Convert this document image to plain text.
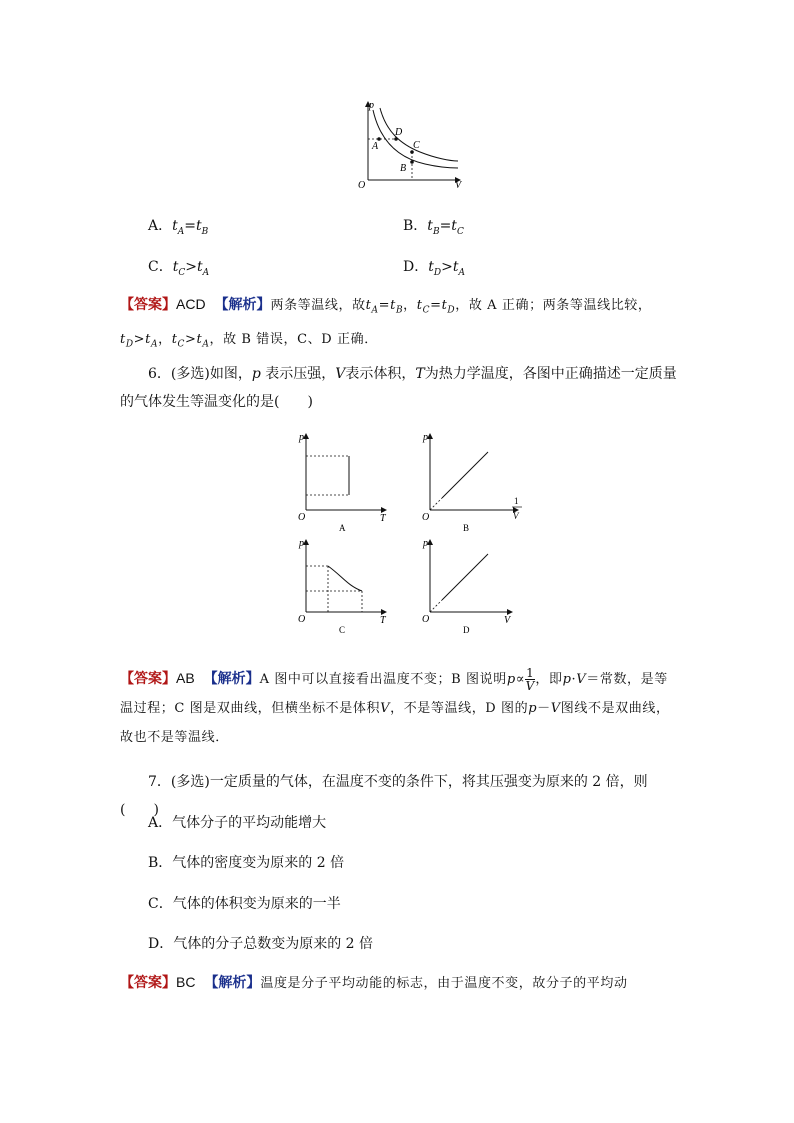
p
V
O
A
D
C
B
A．$t_A=t_B$	B．$t_B=t_C$
C．$t_C>t_A$	D．$t_D>t_A$
【答案】ACD 【解析】两条等温线，故$t_A=t_B$，$t_C=t_D$，故 A 正确；两条等温线比较，$t_D>t_A$，$t_C>t_A$，故 B 错误，C、D 正确．
6．(多选)如图，p 表示压强，V表示体积，T为热力学温度，各图中正确描述一定质量的气体发生等温变化的是(　　)
p
O	T
A
p
O
1
V
B
p
O	T
C
p
O	V
D
【答案】AB 【解析】A 图中可以直接看出温度不变；B 图说明$p\propto \frac{1}{V}$ ，即p·V＝常数，是等温过程；C 图是双曲线，但横坐标不是体积V，不是等温线，D 图的p－V图线不是双曲线，故也不是等温线．
7．(多选)一定质量的气体，在温度不变的条件下，将其压强变为原来的 2 倍，则(　　)
A．气体分子的平均动能增大
B．气体的密度变为原来的 2 倍
C．气体的体积变为原来的一半
D．气体的分子总数变为原来的 2 倍
【答案】BC 【解析】温度是分子平均动能的标志，由于温度不变，故分子的平均动
